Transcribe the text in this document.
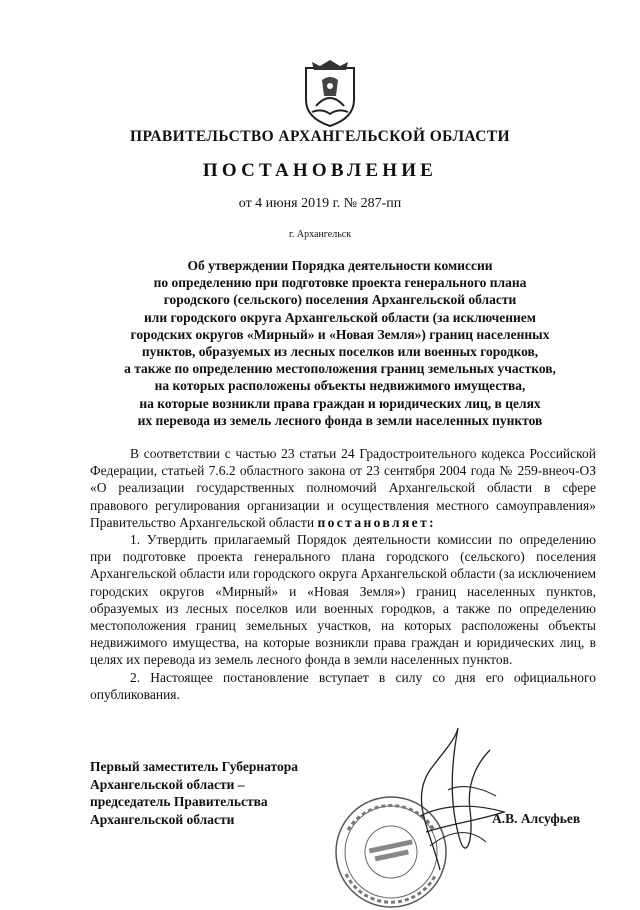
ПРАВИТЕЛЬСТВО АРХАНГЕЛЬСКОЙ ОБЛАСТИ
ПОСТАНОВЛЕНИЕ
от 4 июня 2019 г. № 287-пп
г. Архангельск
Об утверждении Порядка деятельности комиссии
по определению при подготовке проекта генерального плана
городского (сельского) поселения Архангельской области
или городского округа Архангельской области (за исключением
городских округов «Мирный» и «Новая Земля») границ населенных
пунктов, образуемых из лесных поселков или военных городков,
а также по определению местоположения границ земельных участков,
на которых расположены объекты недвижимого имущества,
на которые возникли права граждан и юридических лиц, в целях
их перевода из земель лесного фонда в земли населенных пунктов

В соответствии с частью 23 статьи 24 Градостроительного кодекса Российской Федерации, статьей 7.6.2 областного закона от 23 сентября 2004 года № 259-внеоч-ОЗ «О реализации государственных полномочий Архангельской области в сфере правового регулирования организации и осуществления местного самоуправления» Правительство Архангельской области постановляет:

1. Утвердить прилагаемый Порядок деятельности комиссии по определению при подготовке проекта генерального плана городского (сельского) поселения Архангельской области или городского округа Архангельской области (за исключением городских округов «Мирный» и «Новая Земля») границ населенных пунктов, образуемых из лесных поселков или военных городков, а также по определению местоположения границ земельных участков, на которых расположены объекты недвижимого имущества, на которые возникли права граждан и юридических лиц, в целях их перевода из земель лесного фонда в земли населенных пунктов.

2. Настоящее постановление вступает в силу со дня его официального опубликования.

Первый заместитель Губернатора
Архангельской области –
председатель Правительства
Архангельской области	А.В. Алсуфьев
